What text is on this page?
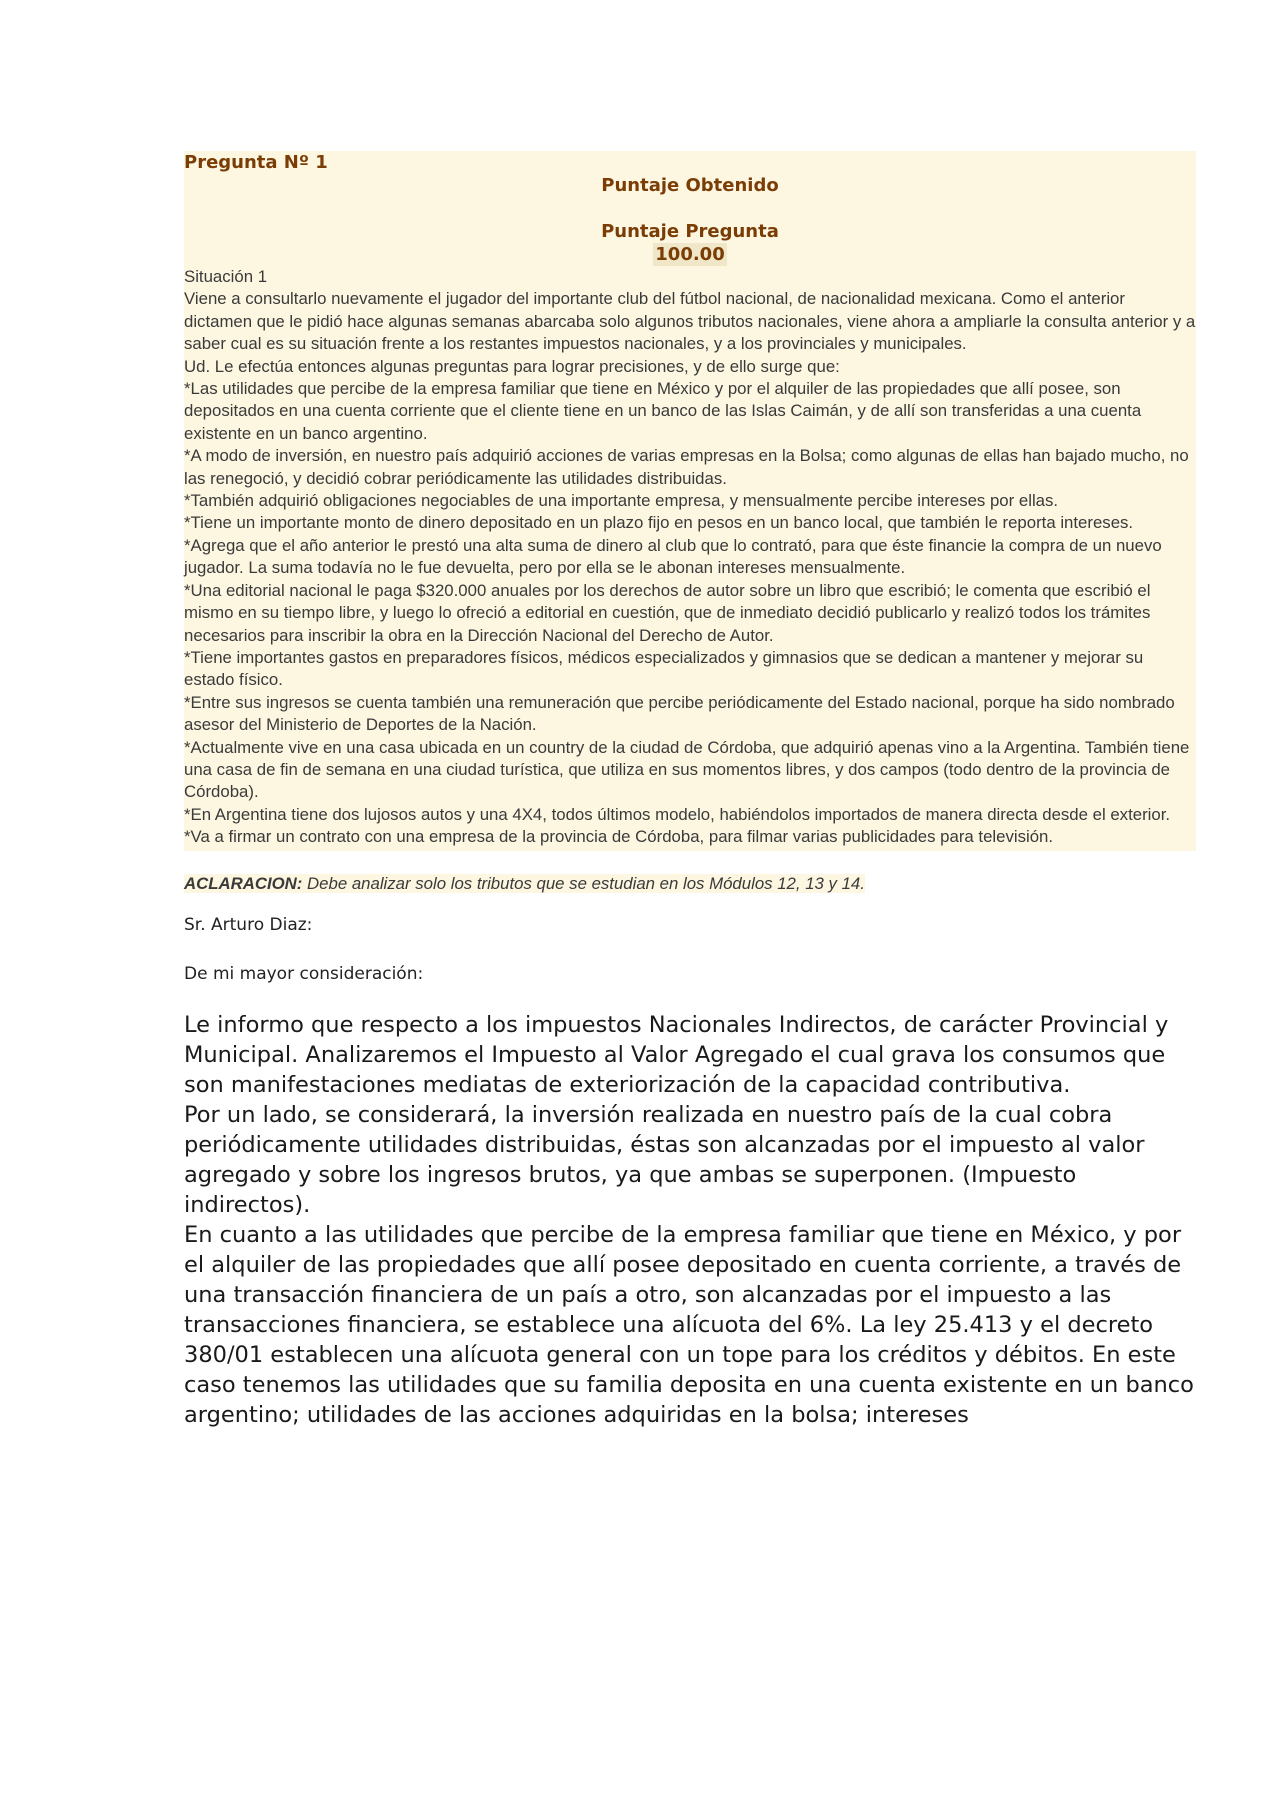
Pregunta Nº 1

Puntaje Obtenido

Puntaje Pregunta

100.00

Situación 1

Viene a consultarlo nuevamente el jugador del importante club del fútbol nacional, de nacionalidad mexicana. Como el anterior dictamen que le pidió hace algunas semanas abarcaba solo algunos tributos nacionales, viene ahora a ampliarle la consulta anterior y a saber cual es su situación frente a los restantes impuestos nacionales, y a los provinciales y municipales.

Ud. Le efectúa entonces algunas preguntas para lograr precisiones, y de ello surge que:

*Las utilidades que percibe de la empresa familiar que tiene en México y por el alquiler de las propiedades que allí posee, son depositados en una cuenta corriente que el cliente tiene en un banco de las Islas Caimán, y de allí son transferidas a una cuenta existente en un banco argentino.

*A modo de inversión, en nuestro país adquirió acciones de varias empresas en la Bolsa; como algunas de ellas han bajado mucho, no las renegoció, y decidió cobrar periódicamente las utilidades distribuidas.

*También adquirió obligaciones negociables de una importante empresa, y mensualmente percibe intereses por ellas.

*Tiene un importante monto de dinero depositado en un plazo fijo en pesos en un banco local, que también le reporta intereses.

*Agrega que el año anterior le prestó una alta suma de dinero al club que lo contrató, para que éste financie la compra de un nuevo jugador. La suma todavía no le fue devuelta, pero por ella se le abonan intereses mensualmente.

*Una editorial nacional le paga $320.000 anuales por los derechos de autor sobre un libro que escribió; le comenta que escribió el mismo en su tiempo libre, y luego lo ofreció a editorial en cuestión, que de inmediato decidió publicarlo y realizó todos los trámites necesarios para inscribir la obra en la Dirección Nacional del Derecho de Autor.

*Tiene importantes gastos en preparadores físicos, médicos especializados y gimnasios que se dedican a mantener y mejorar su estado físico.

*Entre sus ingresos se cuenta también una remuneración que percibe periódicamente del Estado nacional, porque ha sido nombrado asesor del Ministerio de Deportes de la Nación.

*Actualmente vive en una casa ubicada en un country de la ciudad de Córdoba, que adquirió apenas vino a la Argentina. También tiene una casa de fin de semana en una ciudad turística, que utiliza en sus momentos libres, y dos campos (todo dentro de la provincia de Córdoba).

*En Argentina tiene dos lujosos autos y una 4X4, todos últimos modelo, habiéndolos importados de manera directa desde el exterior.

*Va a firmar un contrato con una empresa de la provincia de Córdoba, para filmar varias publicidades para televisión.

ACLARACION: Debe analizar solo los tributos que se estudian en los Módulos 12, 13 y 14.

Sr. Arturo Diaz:

De mi mayor consideración:

Le informo que respecto a los impuestos Nacionales Indirectos, de carácter Provincial y Municipal. Analizaremos el Impuesto al Valor Agregado el cual grava los consumos que son manifestaciones mediatas de exteriorización de la capacidad contributiva.

Por un lado, se considerará, la inversión realizada en nuestro país de la cual cobra periódicamente utilidades distribuidas, éstas son alcanzadas por el impuesto al valor agregado y sobre los ingresos brutos, ya que ambas se superponen. (Impuesto indirectos).

En cuanto a las utilidades que percibe de la empresa familiar que tiene en México, y por el alquiler de las propiedades que allí posee depositado en cuenta corriente, a través de una transacción financiera de un país a otro, son alcanzadas por el impuesto a las transacciones financiera, se establece una alícuota del 6%. La ley 25.413 y el decreto 380/01 establecen una alícuota general con un tope para los créditos y débitos. En este caso tenemos las utilidades que su familia deposita en una cuenta existente en un banco argentino; utilidades de las acciones adquiridas en la bolsa; intereses
